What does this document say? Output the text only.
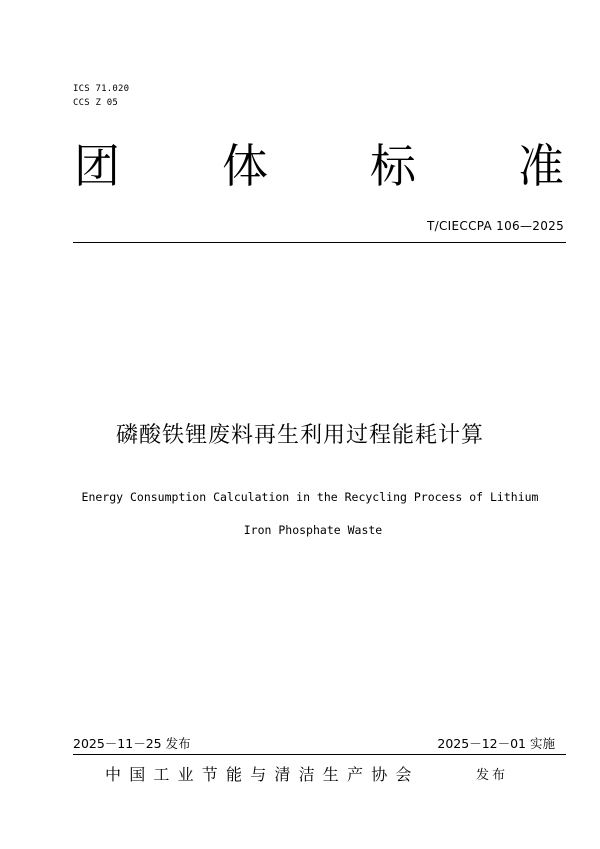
ICS 71.020
CCS Z 05
团 体 标 准
T/CIECCPA 106—2025
磷酸铁锂废料再生利用过程能耗计算
Energy Consumption Calculation in the Recycling Process of Lithium
Iron Phosphate Waste
2025－11－25 发布	2025－12－01 实施
中国工业节能与清洁生产协会	发布
